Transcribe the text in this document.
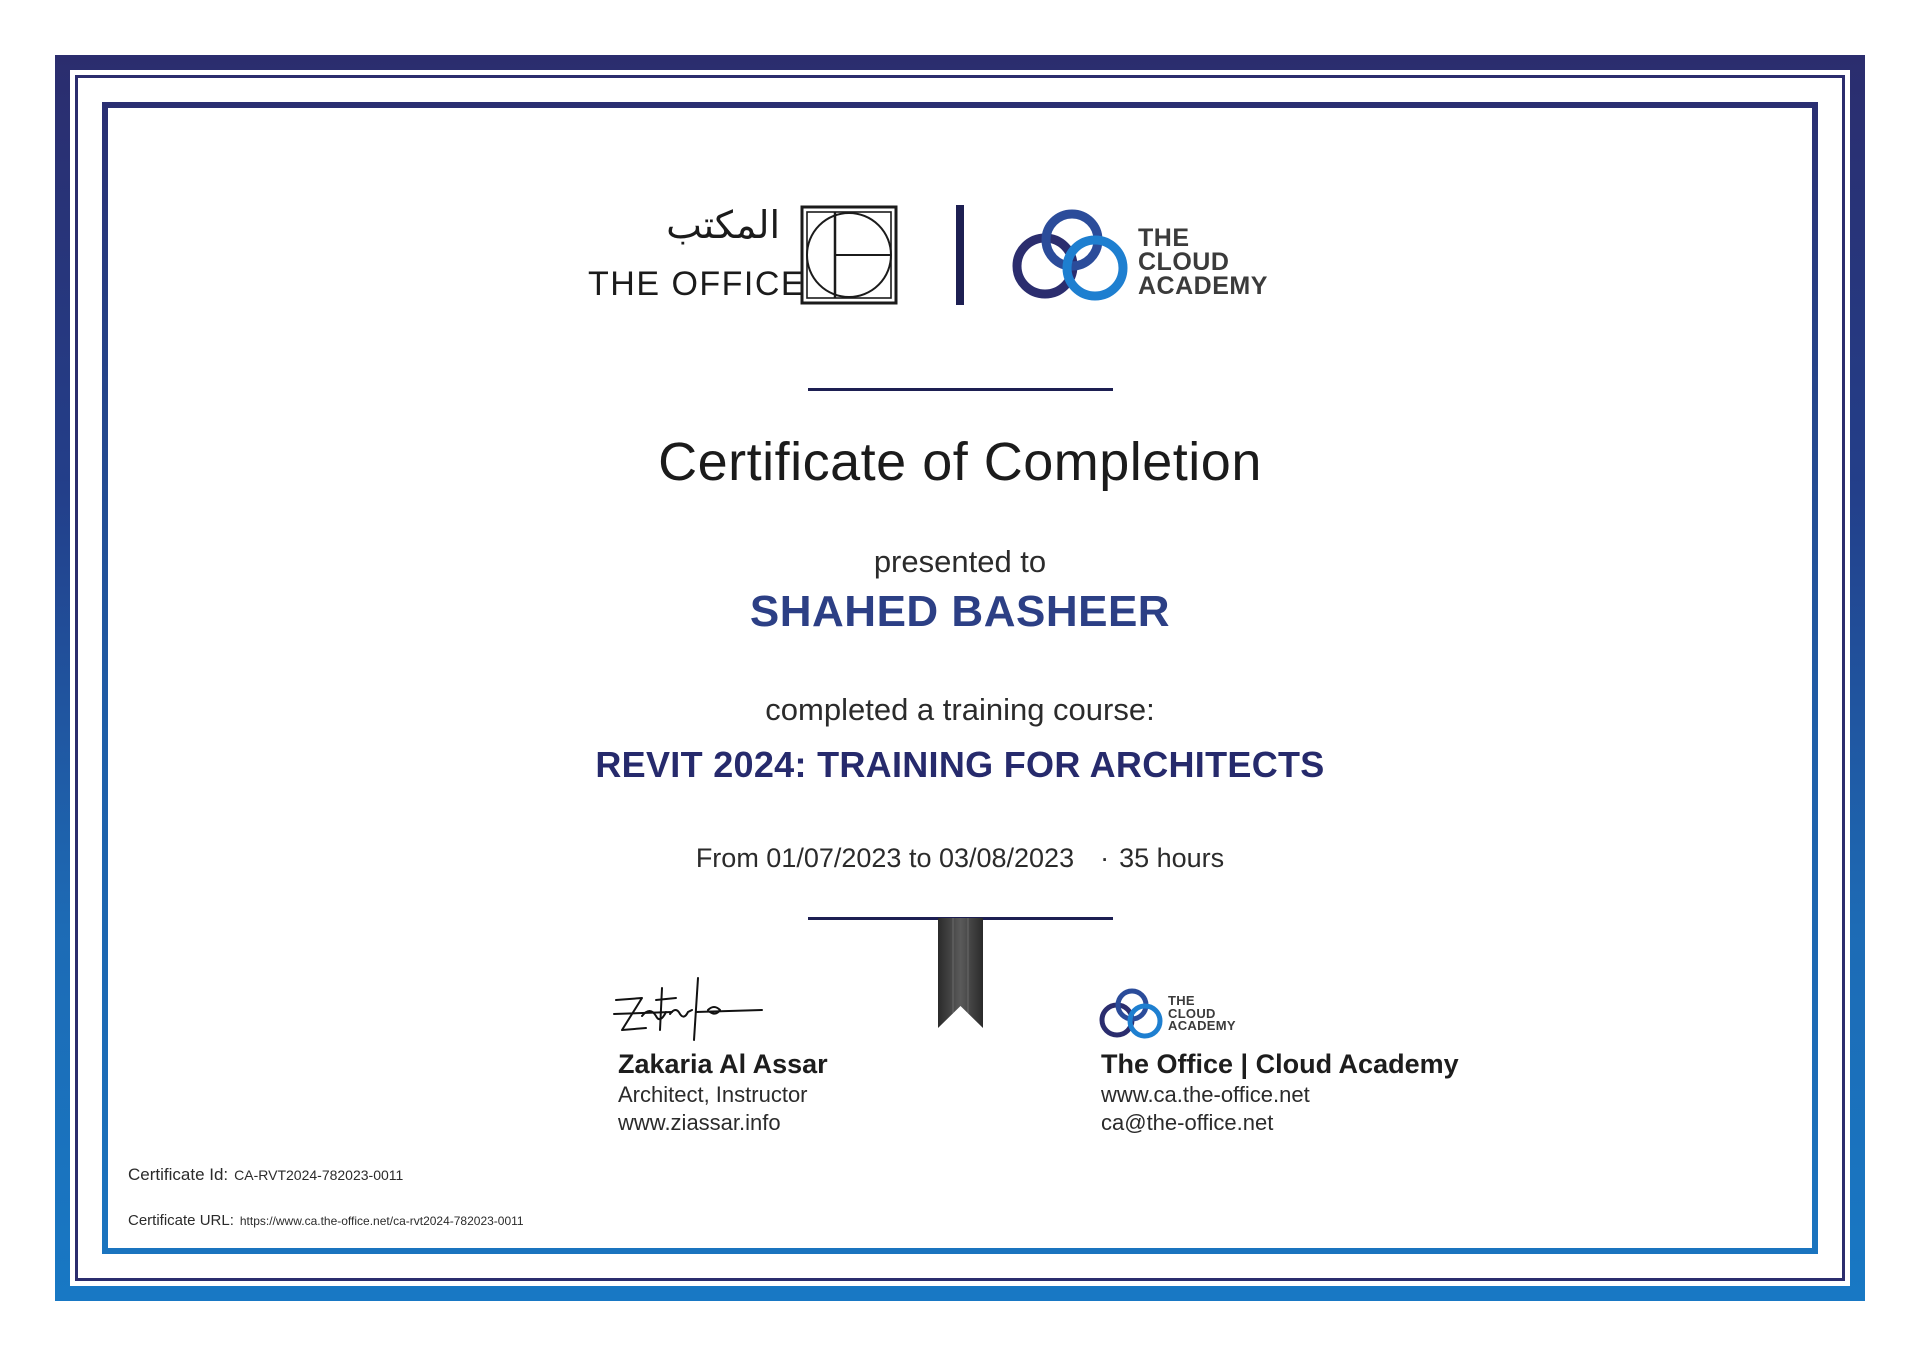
المكتب
THE OFFICE
THE
CLOUD
ACADEMY
Certificate of Completion
presented to
SHAHED BASHEER
completed a training course:
REVIT 2024: TRAINING FOR ARCHITECTS
From 01/07/2023 to 03/08/2023 · 35 hours
Zakaria Al Assar
Architect, Instructor
www.ziassar.info
THE
CLOUD
ACADEMY
The Office | Cloud Academy
www.ca.the-office.net
ca@the-office.net
Certificate Id: CA-RVT2024-782023-0011
Certificate URL: https://www.ca.the-office.net/ca-rvt2024-782023-0011
